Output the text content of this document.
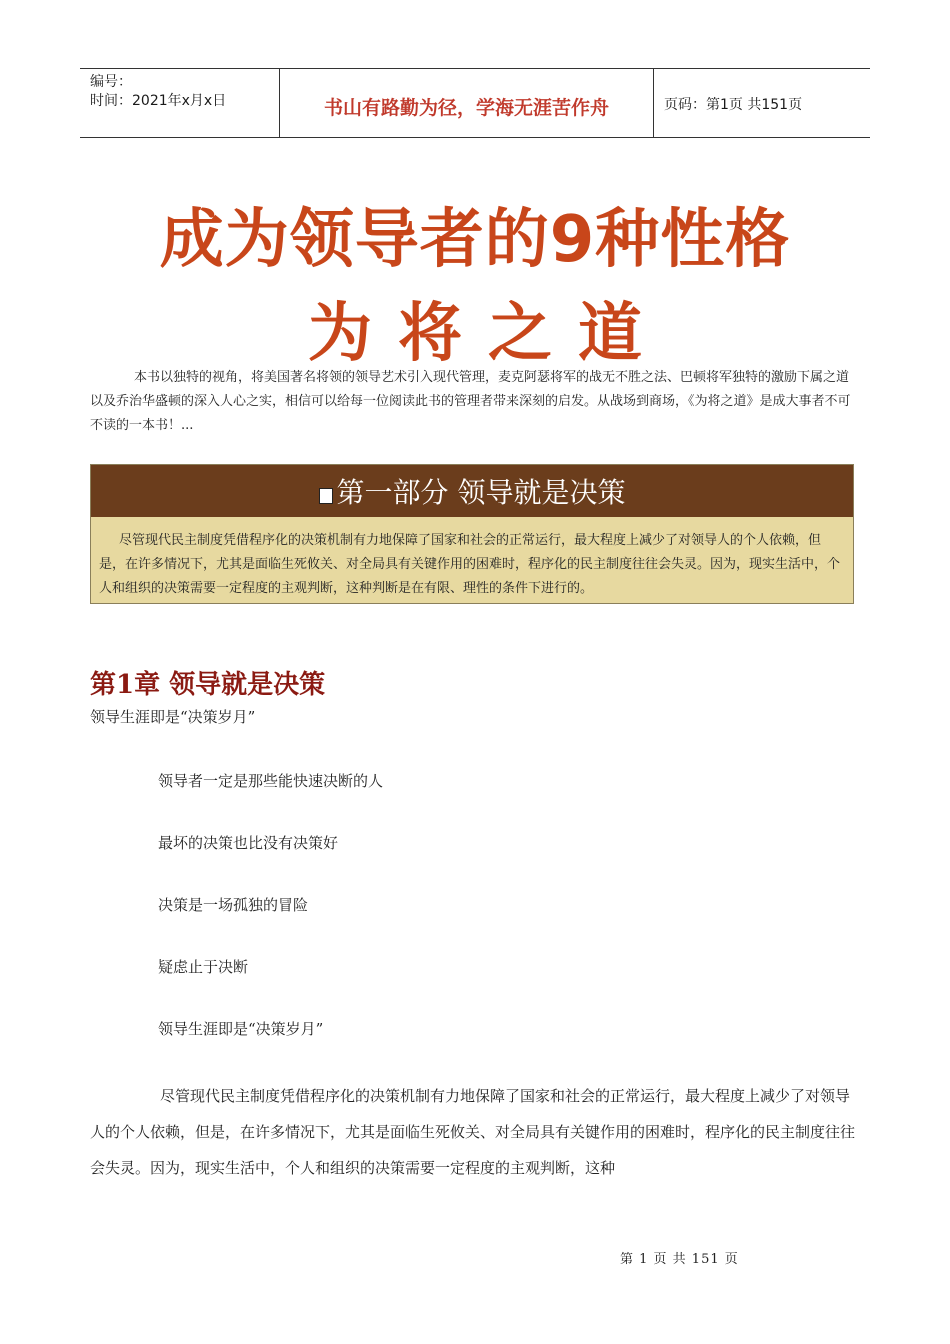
编号：
时间：2021年x月x日	书山有路勤为径，学海无涯苦作舟	页码：第1页 共151页
成为领导者的9种性格
为将之道
本书以独特的视角，将美国著名将领的领导艺术引入现代管理，麦克阿瑟将军的战无不胜之法、巴顿将军独特的激励下属之道以及乔治华盛顿的深入人心之实，相信可以给每一位阅读此书的管理者带来深刻的启发。从战场到商场，《为将之道》是成大事者不可不读的一本书！...
第一部分 领导就是决策
尽管现代民主制度凭借程序化的决策机制有力地保障了国家和社会的正常运行，最大程度上减少了对领导人的个人依赖，但是，在许多情况下，尤其是面临生死攸关、对全局具有关键作用的困难时，程序化的民主制度往往会失灵。因为，现实生活中，个人和组织的决策需要一定程度的主观判断，这种判断是在有限、理性的条件下进行的。
第1章 领导就是决策
领导生涯即是“决策岁月”
领导者一定是那些能快速决断的人
最坏的决策也比没有决策好
决策是一场孤独的冒险
疑虑止于决断
领导生涯即是“决策岁月”
尽管现代民主制度凭借程序化的决策机制有力地保障了国家和社会的正常运行，最大程度上减少了对领导人的个人依赖，但是，在许多情况下，尤其是面临生死攸关、对全局具有关键作用的困难时，程序化的民主制度往往会失灵。因为，现实生活中，个人和组织的决策需要一定程度的主观判断，这种
第 1 页 共 151 页
